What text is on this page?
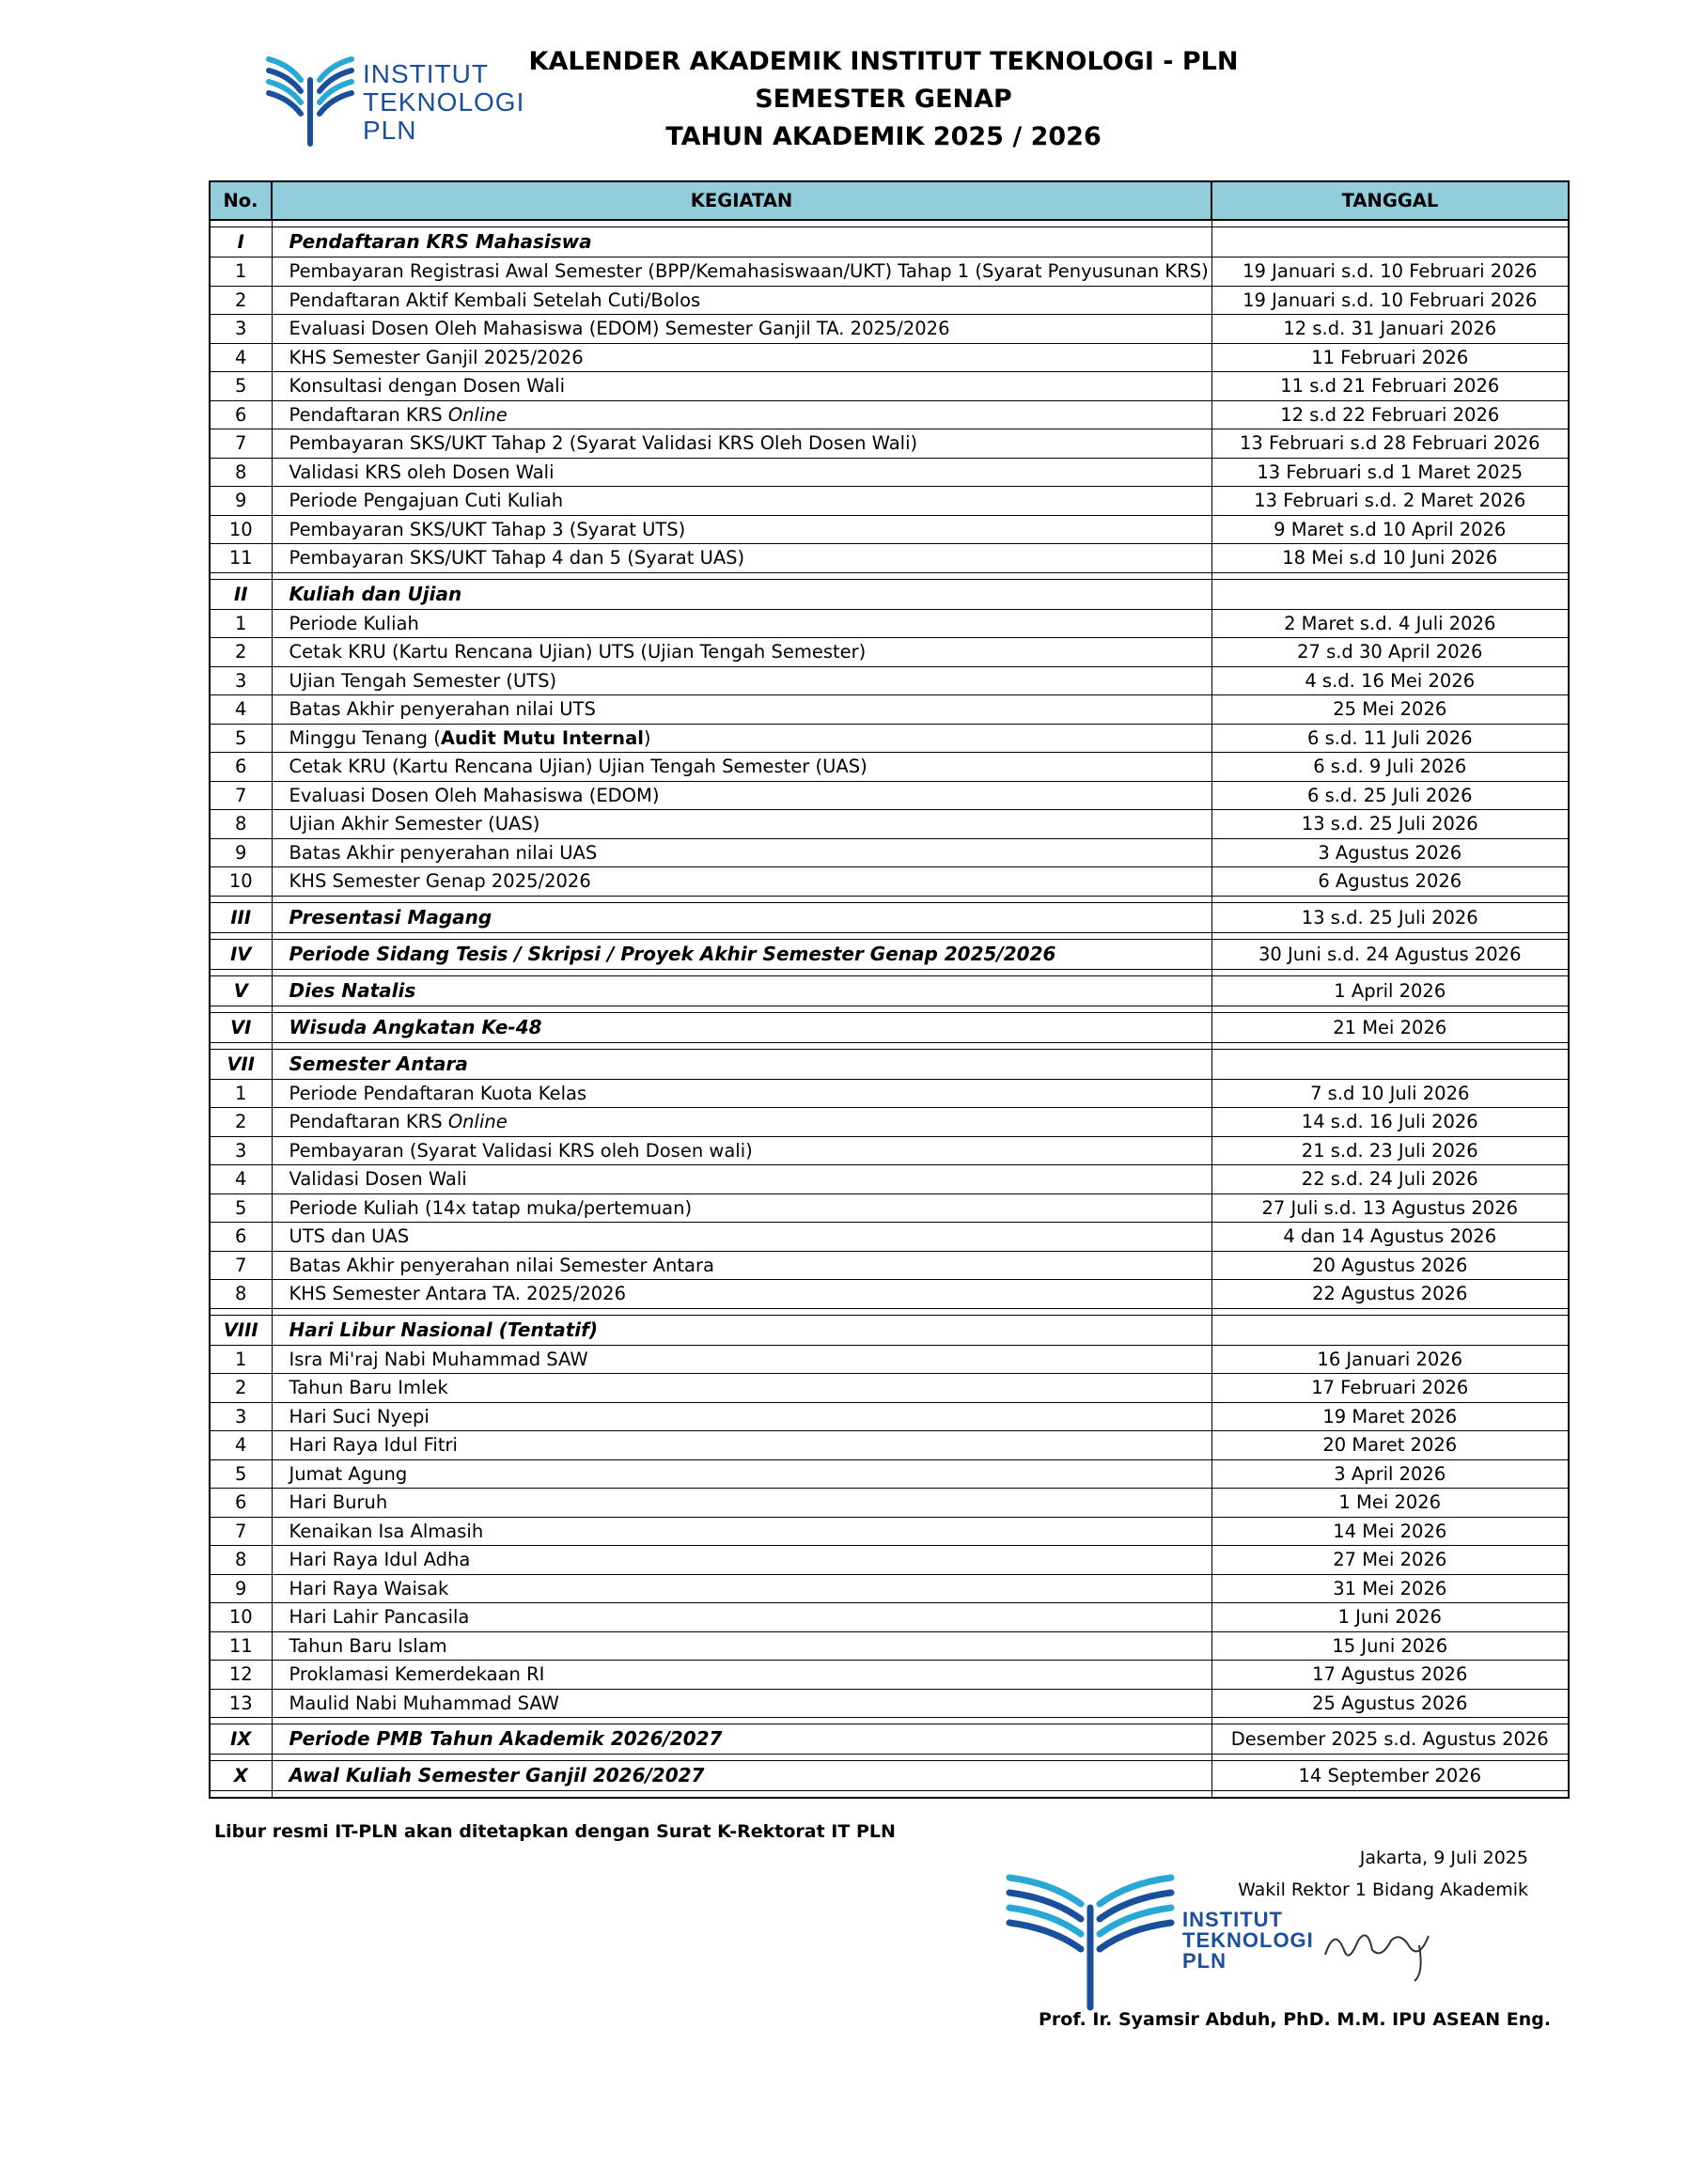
INSTITUT
TEKNOLOGI
PLN
KALENDER AKADEMIK INSTITUT TEKNOLOGI - PLN
SEMESTER GENAP
TAHUN AKADEMIK 2025 / 2026
No.	KEGIATAN	TANGGAL

I	Pendaftaran KRS Mahasiswa	
1	Pembayaran Registrasi Awal Semester (BPP/Kemahasiswaan/UKT) Tahap 1 (Syarat Penyusunan KRS)	19 Januari s.d. 10 Februari 2026
2	Pendaftaran Aktif Kembali Setelah Cuti/Bolos	19 Januari s.d. 10 Februari 2026
3	Evaluasi Dosen Oleh Mahasiswa (EDOM) Semester Ganjil TA. 2025/2026	12 s.d. 31 Januari 2026
4	KHS Semester Ganjil 2025/2026	11 Februari 2026
5	Konsultasi dengan Dosen Wali	11 s.d 21 Februari 2026
6	Pendaftaran KRS Online	12 s.d 22 Februari 2026
7	Pembayaran SKS/UKT Tahap 2 (Syarat Validasi KRS Oleh Dosen Wali)	13 Februari s.d 28 Februari 2026
8	Validasi KRS oleh Dosen Wali	13 Februari s.d 1 Maret 2025
9	Periode Pengajuan Cuti Kuliah	13 Februari s.d. 2 Maret 2026
10	Pembayaran SKS/UKT Tahap 3 (Syarat UTS)	9 Maret s.d 10 April 2026
11	Pembayaran SKS/UKT Tahap 4 dan 5 (Syarat UAS)	18 Mei s.d 10 Juni 2026

II	Kuliah dan Ujian	
1	Periode Kuliah	2 Maret s.d. 4 Juli 2026
2	Cetak KRU (Kartu Rencana Ujian) UTS (Ujian Tengah Semester)	27 s.d 30 April 2026
3	Ujian Tengah Semester (UTS)	4 s.d. 16 Mei 2026
4	Batas Akhir penyerahan nilai UTS	25 Mei 2026
5	Minggu Tenang (Audit Mutu Internal)	6 s.d. 11 Juli 2026
6	Cetak KRU (Kartu Rencana Ujian) Ujian Tengah Semester (UAS)	6 s.d. 9 Juli 2026
7	Evaluasi Dosen Oleh Mahasiswa (EDOM)	6 s.d. 25 Juli 2026
8	Ujian Akhir Semester (UAS)	13 s.d. 25 Juli 2026
9	Batas Akhir penyerahan nilai UAS	3 Agustus 2026
10	KHS Semester Genap 2025/2026	6 Agustus 2026

III	Presentasi Magang	13 s.d. 25 Juli 2026

IV	Periode Sidang Tesis / Skripsi / Proyek Akhir Semester Genap 2025/2026	30 Juni s.d. 24 Agustus 2026

V	Dies Natalis	1 April 2026

VI	Wisuda Angkatan Ke-48	21 Mei 2026

VII	Semester Antara	
1	Periode Pendaftaran Kuota Kelas	7 s.d 10 Juli 2026
2	Pendaftaran KRS Online	14 s.d. 16 Juli 2026
3	Pembayaran (Syarat Validasi KRS oleh Dosen wali)	21 s.d. 23 Juli 2026
4	Validasi Dosen Wali	22 s.d. 24 Juli 2026
5	Periode Kuliah (14x tatap muka/pertemuan)	27 Juli s.d. 13 Agustus 2026
6	UTS dan UAS	4 dan 14 Agustus 2026
7	Batas Akhir penyerahan nilai Semester Antara	20 Agustus 2026
8	KHS Semester Antara TA. 2025/2026	22 Agustus 2026

VIII	Hari Libur Nasional (Tentatif)	
1	Isra Mi'raj Nabi Muhammad SAW	16 Januari 2026
2	Tahun Baru Imlek	17 Februari 2026
3	Hari Suci Nyepi	19 Maret 2026
4	Hari Raya Idul Fitri	20 Maret 2026
5	Jumat Agung	3 April 2026
6	Hari Buruh	1 Mei 2026
7	Kenaikan Isa Almasih	14 Mei 2026
8	Hari Raya Idul Adha	27 Mei 2026
9	Hari Raya Waisak	31 Mei 2026
10	Hari Lahir Pancasila	1 Juni 2026
11	Tahun Baru Islam	15 Juni 2026
12	Proklamasi Kemerdekaan RI	17 Agustus 2026
13	Maulid Nabi Muhammad SAW	25 Agustus 2026

IX	Periode PMB Tahun Akademik 2026/2027	Desember 2025 s.d. Agustus 2026

X	Awal Kuliah Semester Ganjil 2026/2027	14 September 2026

Libur resmi IT-PLN akan ditetapkan dengan Surat K-Rektorat IT PLN
Jakarta, 9 Juli 2025
Wakil Rektor 1 Bidang Akademik
INSTITUT
TEKNOLOGI
PLN
Prof. Ir. Syamsir Abduh, PhD. M.M. IPU ASEAN Eng.
